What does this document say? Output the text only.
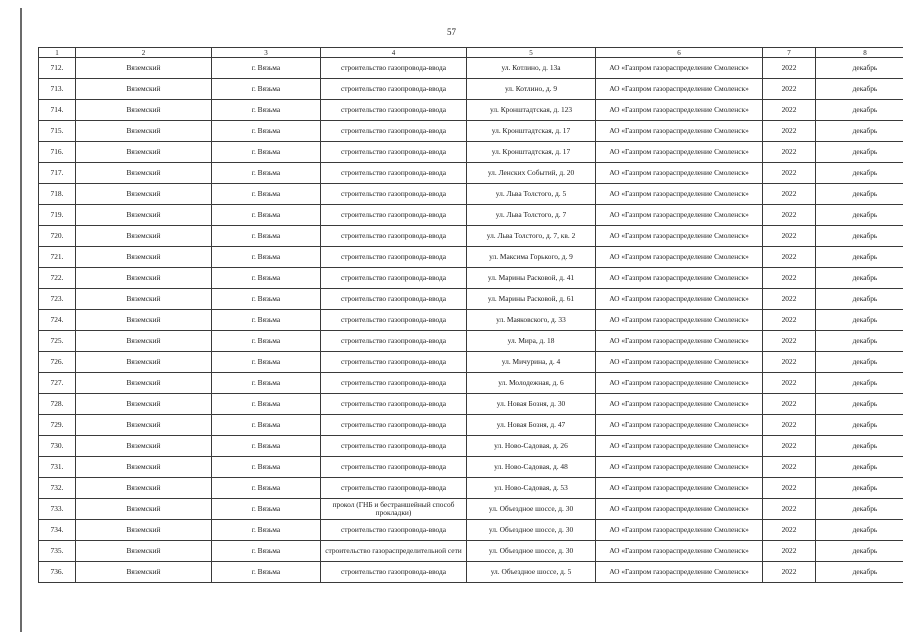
57
1	2	3	4	5	6	7	8
712.	Вяземский	г. Вязьма	строительство газопровода-ввода	ул. Котлино, д. 13а	АО «Газпром газораспределение Смоленск»	2022	декабрь
713.	Вяземский	г. Вязьма	строительство газопровода-ввода	ул. Котлино, д. 9	АО «Газпром газораспределение Смоленск»	2022	декабрь
714.	Вяземский	г. Вязьма	строительство газопровода-ввода	ул. Кронштадтская, д. 123	АО «Газпром газораспределение Смоленск»	2022	декабрь
715.	Вяземский	г. Вязьма	строительство газопровода-ввода	ул. Кронштадтская, д. 17	АО «Газпром газораспределение Смоленск»	2022	декабрь
716.	Вяземский	г. Вязьма	строительство газопровода-ввода	ул. Кронштадтская, д. 17	АО «Газпром газораспределение Смоленск»	2022	декабрь
717.	Вяземский	г. Вязьма	строительство газопровода-ввода	ул. Ленских Событий, д. 20	АО «Газпром газораспределение Смоленск»	2022	декабрь
718.	Вяземский	г. Вязьма	строительство газопровода-ввода	ул. Льва Толстого, д. 5	АО «Газпром газораспределение Смоленск»	2022	декабрь
719.	Вяземский	г. Вязьма	строительство газопровода-ввода	ул. Льва Толстого, д. 7	АО «Газпром газораспределение Смоленск»	2022	декабрь
720.	Вяземский	г. Вязьма	строительство газопровода-ввода	ул. Льва Толстого, д. 7, кв. 2	АО «Газпром газораспределение Смоленск»	2022	декабрь
721.	Вяземский	г. Вязьма	строительство газопровода-ввода	ул. Максима Горького, д. 9	АО «Газпром газораспределение Смоленск»	2022	декабрь
722.	Вяземский	г. Вязьма	строительство газопровода-ввода	ул. Марины Расковой, д. 41	АО «Газпром газораспределение Смоленск»	2022	декабрь
723.	Вяземский	г. Вязьма	строительство газопровода-ввода	ул. Марины Расковой, д. 61	АО «Газпром газораспределение Смоленск»	2022	декабрь
724.	Вяземский	г. Вязьма	строительство газопровода-ввода	ул. Маяковского, д. 33	АО «Газпром газораспределение Смоленск»	2022	декабрь
725.	Вяземский	г. Вязьма	строительство газопровода-ввода	ул. Мира, д. 18	АО «Газпром газораспределение Смоленск»	2022	декабрь
726.	Вяземский	г. Вязьма	строительство газопровода-ввода	ул. Мичурина, д. 4	АО «Газпром газораспределение Смоленск»	2022	декабрь
727.	Вяземский	г. Вязьма	строительство газопровода-ввода	ул. Молодежная, д. 6	АО «Газпром газораспределение Смоленск»	2022	декабрь
728.	Вяземский	г. Вязьма	строительство газопровода-ввода	ул. Новая Бозня, д. 30	АО «Газпром газораспределение Смоленск»	2022	декабрь
729.	Вяземский	г. Вязьма	строительство газопровода-ввода	ул. Новая Бозня, д. 47	АО «Газпром газораспределение Смоленск»	2022	декабрь
730.	Вяземский	г. Вязьма	строительство газопровода-ввода	ул. Ново-Садовая, д. 26	АО «Газпром газораспределение Смоленск»	2022	декабрь
731.	Вяземский	г. Вязьма	строительство газопровода-ввода	ул. Ново-Садовая, д. 48	АО «Газпром газораспределение Смоленск»	2022	декабрь
732.	Вяземский	г. Вязьма	строительство газопровода-ввода	ул. Ново-Садовая, д. 53	АО «Газпром газораспределение Смоленск»	2022	декабрь
733.	Вяземский	г. Вязьма	прокол (ГНБ и бестраншейный способ прокладки)	ул. Объездное шоссе, д. 30	АО «Газпром газораспределение Смоленск»	2022	декабрь
734.	Вяземский	г. Вязьма	строительство газопровода-ввода	ул. Объездное шоссе, д. 30	АО «Газпром газораспределение Смоленск»	2022	декабрь
735.	Вяземский	г. Вязьма	строительство газораспределительной сети	ул. Объездное шоссе, д. 30	АО «Газпром газораспределение Смоленск»	2022	декабрь
736.	Вяземский	г. Вязьма	строительство газопровода-ввода	ул. Объездное шоссе, д. 5	АО «Газпром газораспределение Смоленск»	2022	декабрь
